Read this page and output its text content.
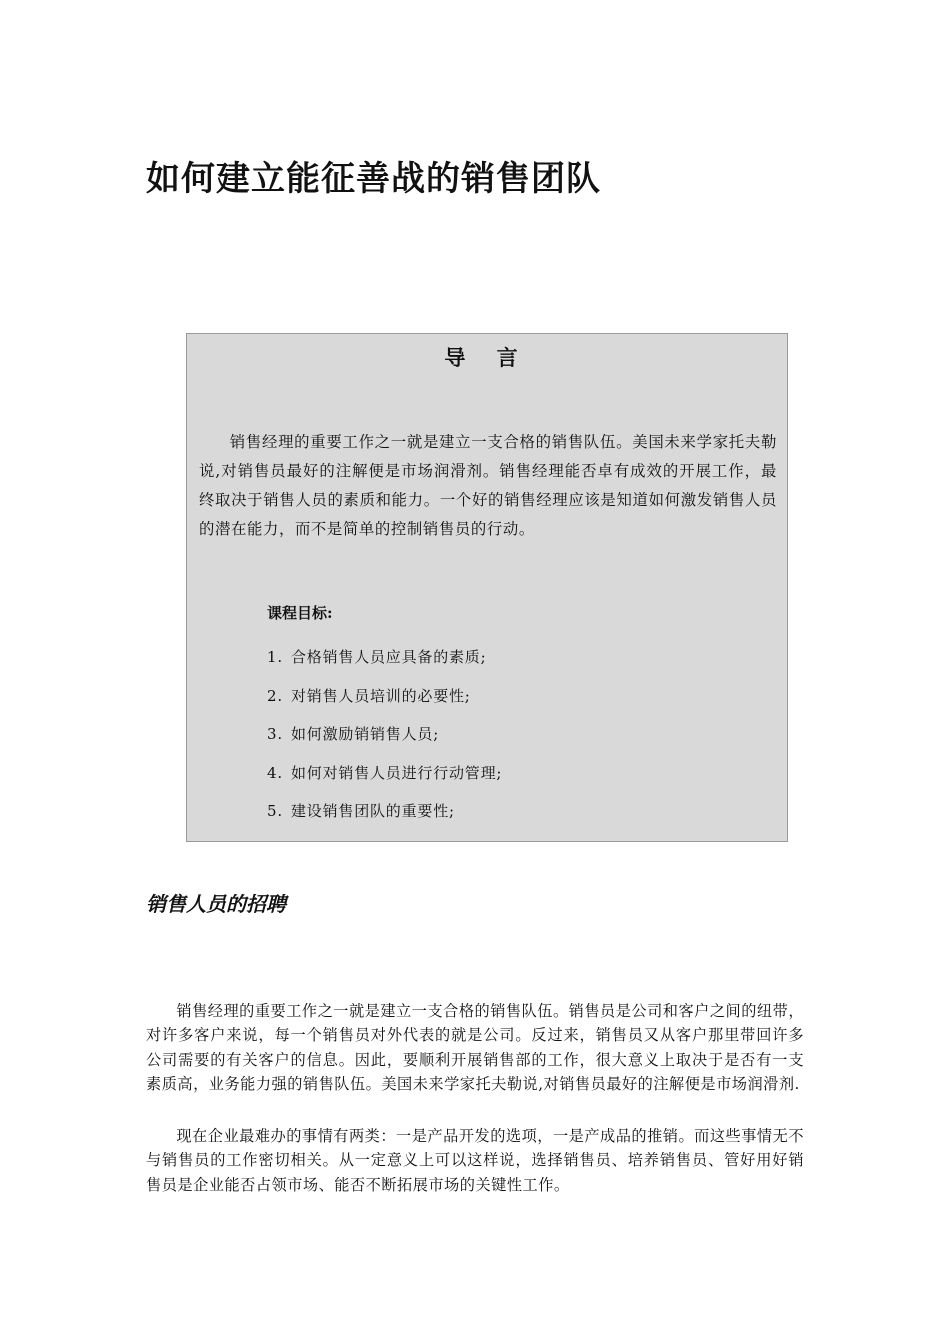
如何建立能征善战的销售团队
导 言

销售经理的重要工作之一就是建立一支合格的销售队伍。美国未来学家托夫勒说,对销售员最好的注解便是市场润滑剂。销售经理能否卓有成效的开展工作，最终取决于销售人员的素质和能力。一个好的销售经理应该是知道如何激发销售人员的潜在能力，而不是简单的控制销售员的行动。

课程目标:

1. 合格销售人员应具备的素质;
2. 对销售人员培训的必要性;
3. 如何激励销销售人员;
4. 如何对销售人员进行行动管理;
5. 建设销售团队的重要性;
销售人员的招聘

销售经理的重要工作之一就是建立一支合格的销售队伍。销售员是公司和客户之间的纽带，对许多客户来说，每一个销售员对外代表的就是公司。反过来，销售员又从客户那里带回许多公司需要的有关客户的信息。因此，要顺利开展销售部的工作，很大意义上取决于是否有一支素质高，业务能力强的销售队伍。美国未来学家托夫勒说,对销售员最好的注解便是市场润滑剂.

现在企业最难办的事情有两类：一是产品开发的选项，一是产成品的推销。而这些事情无不与销售员的工作密切相关。从一定意义上可以这样说，选择销售员、培养销售员、管好用好销售员是企业能否占领市场、能否不断拓展市场的关键性工作。
